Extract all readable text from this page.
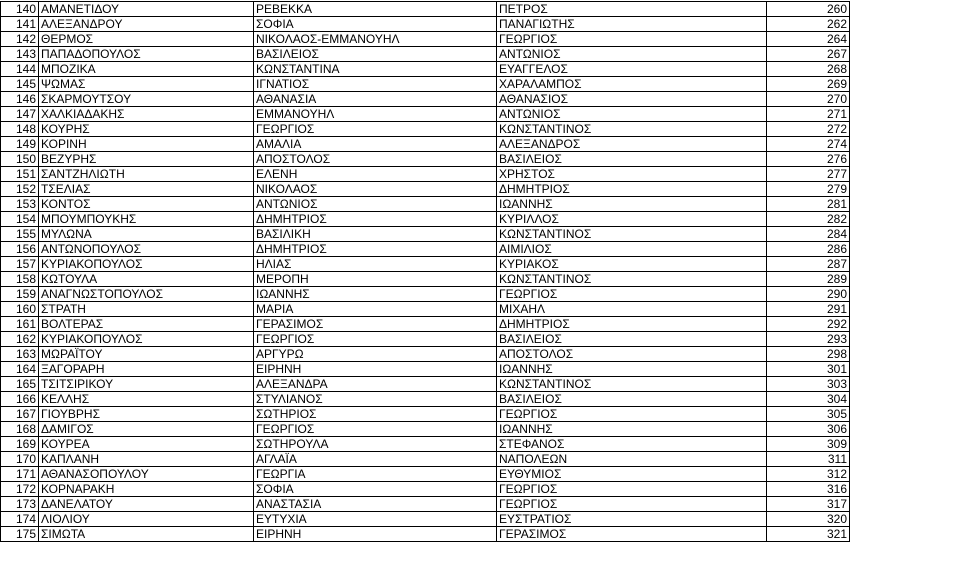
140	ΑΜΑΝΕΤΙΔΟΥ	ΡΕΒΕΚΚΑ	ΠΕΤΡΟΣ	260
141	ΑΛΕΞΑΝΔΡΟΥ	ΣΟΦΙΑ	ΠΑΝΑΓΙΩΤΗΣ	262
142	ΘΕΡΜΟΣ	ΝΙΚΟΛΑΟΣ-ΕΜΜΑΝΟΥΗΛ	ΓΕΩΡΓΙΟΣ	264
143	ΠΑΠΑΔΟΠΟΥΛΟΣ	ΒΑΣΙΛΕΙΟΣ	ΑΝΤΩΝΙΟΣ	267
144	ΜΠΟΖΙΚΑ	ΚΩΝΣΤΑΝΤΙΝΑ	ΕΥΑΓΓΕΛΟΣ	268
145	ΨΩΜΑΣ	ΙΓΝΑΤΙΟΣ	ΧΑΡΑΛΑΜΠΟΣ	269
146	ΣΚΑΡΜΟΥΤΣΟΥ	ΑΘΑΝΑΣΙΑ	ΑΘΑΝΑΣΙΟΣ	270
147	ΧΑΛΚΙΑΔΑΚΗΣ	ΕΜΜΑΝΟΥΗΛ	ΑΝΤΩΝΙΟΣ	271
148	ΚΟΥΡΗΣ	ΓΕΩΡΓΙΟΣ	ΚΩΝΣΤΑΝΤΙΝΟΣ	272
149	ΚΟΡΙΝΗ	ΑΜΑΛΙΑ	ΑΛΕΞΑΝΔΡΟΣ	274
150	ΒΕΖΥΡΗΣ	ΑΠΟΣΤΟΛΟΣ	ΒΑΣΙΛΕΙΟΣ	276
151	ΣΑΝΤΖΗΛΙΩΤΗ	ΕΛΕΝΗ	ΧΡΗΣΤΟΣ	277
152	ΤΣΕΛΙΑΣ	ΝΙΚΟΛΑΟΣ	ΔΗΜΗΤΡΙΟΣ	279
153	ΚΟΝΤΟΣ	ΑΝΤΩΝΙΟΣ	ΙΩΑΝΝΗΣ	281
154	ΜΠΟΥΜΠΟΥΚΗΣ	ΔΗΜΗΤΡΙΟΣ	ΚΥΡΙΛΛΟΣ	282
155	ΜΥΛΩΝΑ	ΒΑΣΙΛΙΚΗ	ΚΩΝΣΤΑΝΤΙΝΟΣ	284
156	ΑΝΤΩΝΟΠΟΥΛΟΣ	ΔΗΜΗΤΡΙΟΣ	ΑΙΜΙΛΙΟΣ	286
157	ΚΥΡΙΑΚΟΠΟΥΛΟΣ	ΗΛΙΑΣ	ΚΥΡΙΑΚΟΣ	287
158	ΚΩΤΟΥΛΑ	ΜΕΡΟΠΗ	ΚΩΝΣΤΑΝΤΙΝΟΣ	289
159	ΑΝΑΓΝΩΣΤΟΠΟΥΛΟΣ	ΙΩΑΝΝΗΣ	ΓΕΩΡΓΙΟΣ	290
160	ΣΤΡΑΤΗ	ΜΑΡΙΑ	ΜΙΧΑΗΛ	291
161	ΒΟΛΤΕΡΑΣ	ΓΕΡΑΣΙΜΟΣ	ΔΗΜΗΤΡΙΟΣ	292
162	ΚΥΡΙΑΚΟΠΟΥΛΟΣ	ΓΕΩΡΓΙΟΣ	ΒΑΣΙΛΕΙΟΣ	293
163	ΜΩΡΑΪΤΟΥ	ΑΡΓΥΡΩ	ΑΠΟΣΤΟΛΟΣ	298
164	ΞΑΓΟΡΑΡΗ	ΕΙΡΗΝΗ	ΙΩΑΝΝΗΣ	301
165	ΤΣΙΤΣΙΡΙΚΟΥ	ΑΛΕΞΑΝΔΡΑ	ΚΩΝΣΤΑΝΤΙΝΟΣ	303
166	ΚΕΛΛΗΣ	ΣΤΥΛΙΑΝΟΣ	ΒΑΣΙΛΕΙΟΣ	304
167	ΓΙΟΥΒΡΗΣ	ΣΩΤΗΡΙΟΣ	ΓΕΩΡΓΙΟΣ	305
168	ΔΑΜΙΓΟΣ	ΓΕΩΡΓΙΟΣ	ΙΩΑΝΝΗΣ	306
169	ΚΟΥΡΕΑ	ΣΩΤΗΡΟΥΛΑ	ΣΤΕΦΑΝΟΣ	309
170	ΚΑΠΛΑΝΗ	ΑΓΛΑΪΑ	ΝΑΠΟΛΕΩΝ	311
171	ΑΘΑΝΑΣΟΠΟΥΛΟΥ	ΓΕΩΡΓΙΑ	ΕΥΘΥΜΙΟΣ	312
172	ΚΟΡΝΑΡΑΚΗ	ΣΟΦΙΑ	ΓΕΩΡΓΙΟΣ	316
173	ΔΑΝΕΛΑΤΟΥ	ΑΝΑΣΤΑΣΙΑ	ΓΕΩΡΓΙΟΣ	317
174	ΛΙΟΛΙΟΥ	ΕΥΤΥΧΙΑ	ΕΥΣΤΡΑΤΙΟΣ	320
175	ΣΙΜΩΤΑ	ΕΙΡΗΝΗ	ΓΕΡΑΣΙΜΟΣ	321
